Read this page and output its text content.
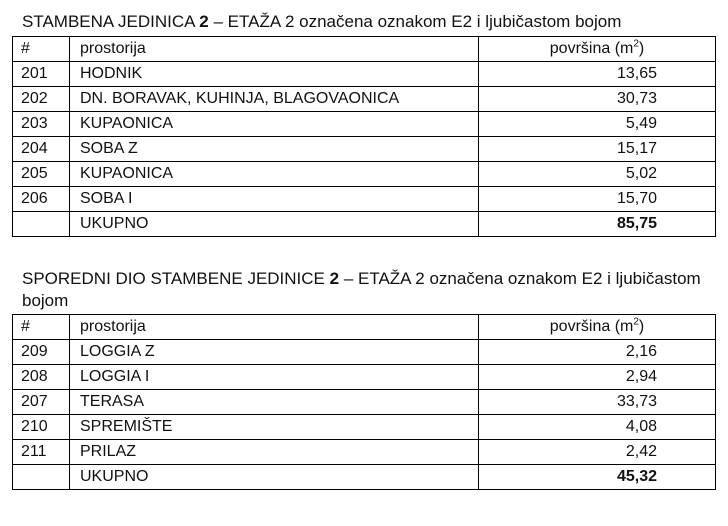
STAMBENA JEDINICA 2 – ETAŽA 2 označena oznakom E2 i ljubičastom bojom
#	prostorija	površina $(m^2)$
201	HODNIK	13,65
202	DN. BORAVAK, KUHINJA, BLAGOVAONICA	30,73
203	KUPAONICA	5,49
204	SOBA Z	15,17
205	KUPAONICA	5,02
206	SOBA I	15,70
	UKUPNO	85,75
SPOREDNI DIO STAMBENE JEDINICE 2 – ETAŽA 2 označena oznakom E2 i ljubičastom bojom
#	prostorija	površina $(m^2)$
209	LOGGIA Z	2,16
208	LOGGIA I	2,94
207	TERASA	33,73
210	SPREMIŠTE	4,08
211	PRILAZ	2,42
	UKUPNO	45,32
